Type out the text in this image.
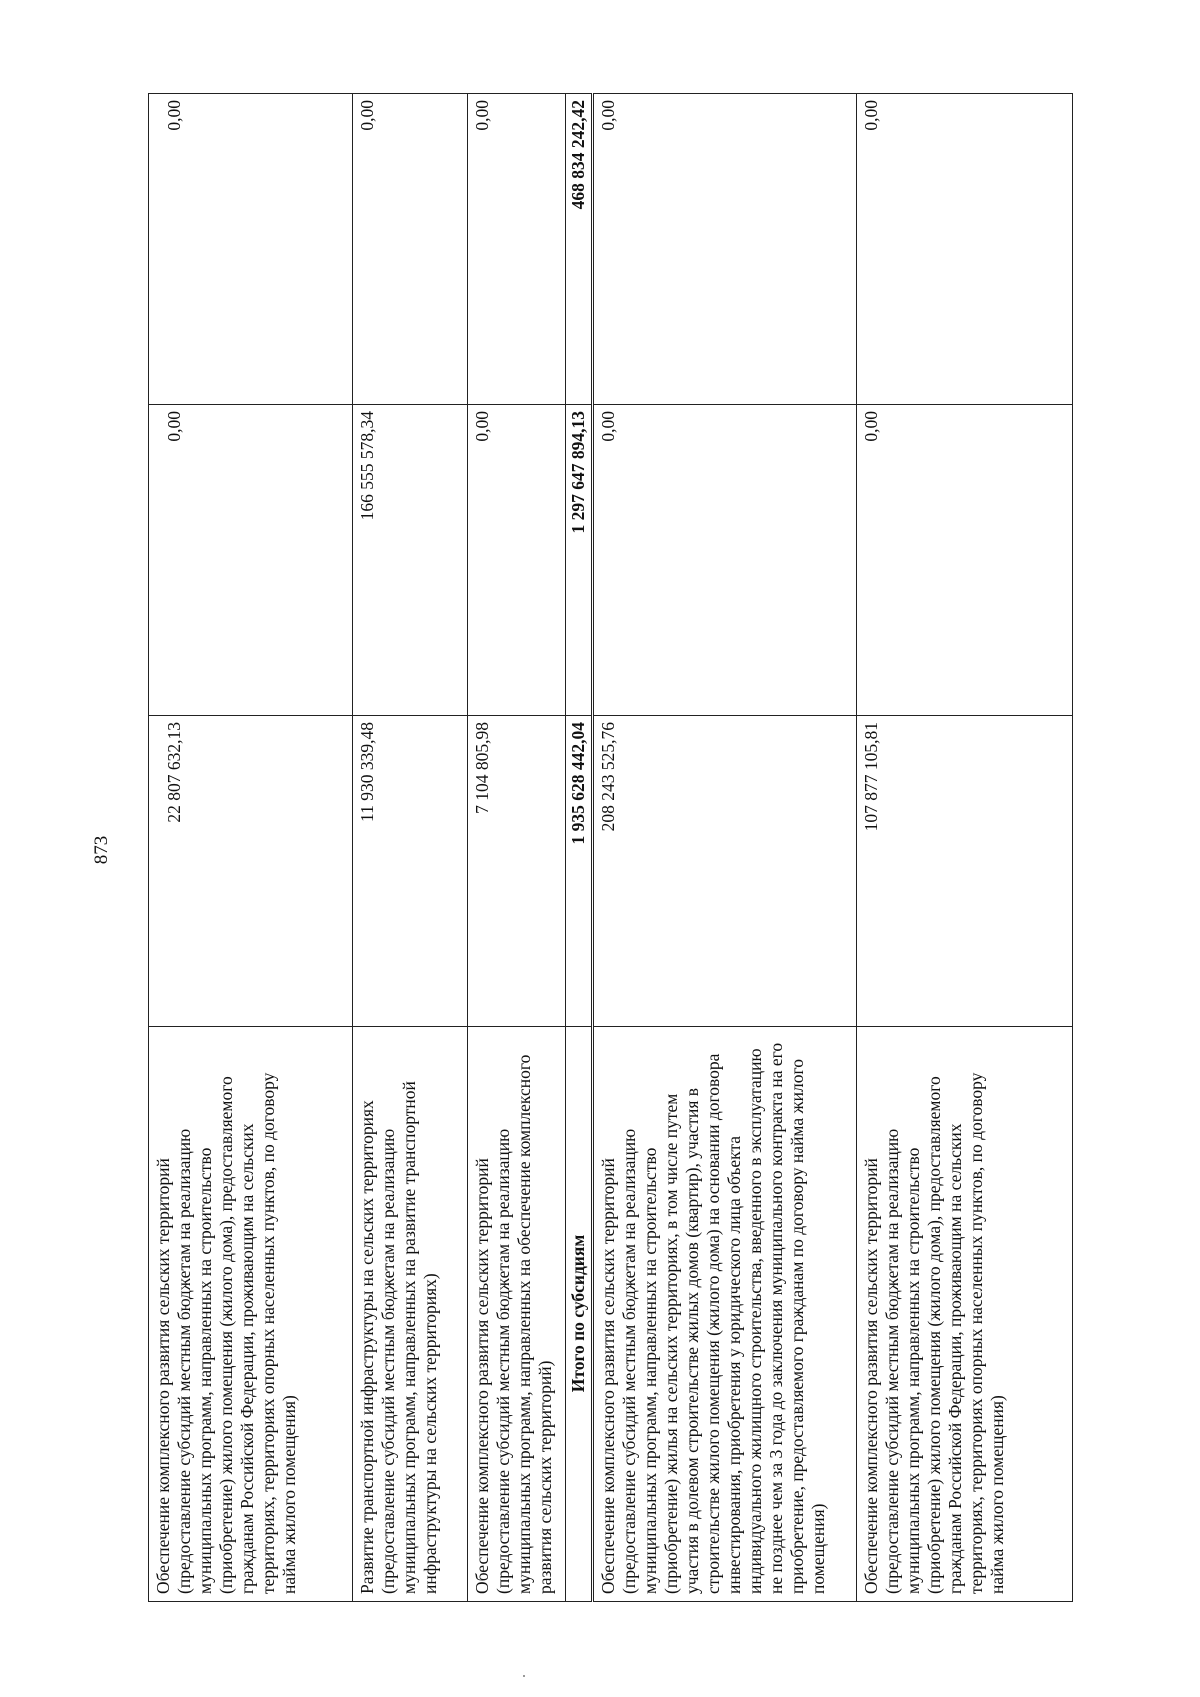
873
Обеспечение комплексного развития сельских территорий (предоставление субсидий местным бюджетам на реализацию муниципальных программ, направленных на строительство (приобретение) жилого помещения (жилого дома), предоставляемого гражданам Российской Федерации, проживающим на сельских территориях, территориях опорных населенных пунктов, по договору найма жилого помещения)	22 807 632,13	0,00	0,00
Развитие транспортной инфраструктуры на сельских территориях (предоставление субсидий местным бюджетам на реализацию муниципальных программ, направленных на развитие транспортной инфраструктуры на сельских территориях)	11 930 339,48	166 555 578,34	0,00
Обеспечение комплексного развития сельских территорий (предоставление субсидий местным бюджетам на реализацию муниципальных программ, направленных на обеспечение комплексного развития сельских территорий)	7 104 805,98	0,00	0,00
Итого по субсидиям	1 935 628 442,04	1 297 647 894,13	468 834 242,42
Обеспечение комплексного развития сельских территорий (предоставление субсидий местным бюджетам на реализацию муниципальных программ, направленных на строительство (приобретение) жилья на сельских территориях, в том числе путем участия в долевом строительстве жилых домов (квартир), участия в строительстве жилого помещения (жилого дома) на основании договора инвестирования, приобретения у юридического лица объекта индивидуального жилищного строительства, введенного в эксплуатацию не позднее чем за 3 года до заключения муниципального контракта на его приобретение, предоставляемого гражданам по договору найма жилого помещения)	208 243 525,76	0,00	0,00
Обеспечение комплексного развития сельских территорий (предоставление субсидий местным бюджетам на реализацию муниципальных программ, направленных на строительство (приобретение) жилого помещения (жилого дома), предоставляемого гражданам Российской Федерации, проживающим на сельских территориях, территориях опорных населенных пунктов, по договору найма жилого помещения)	107 877 105,81	0,00	0,00
